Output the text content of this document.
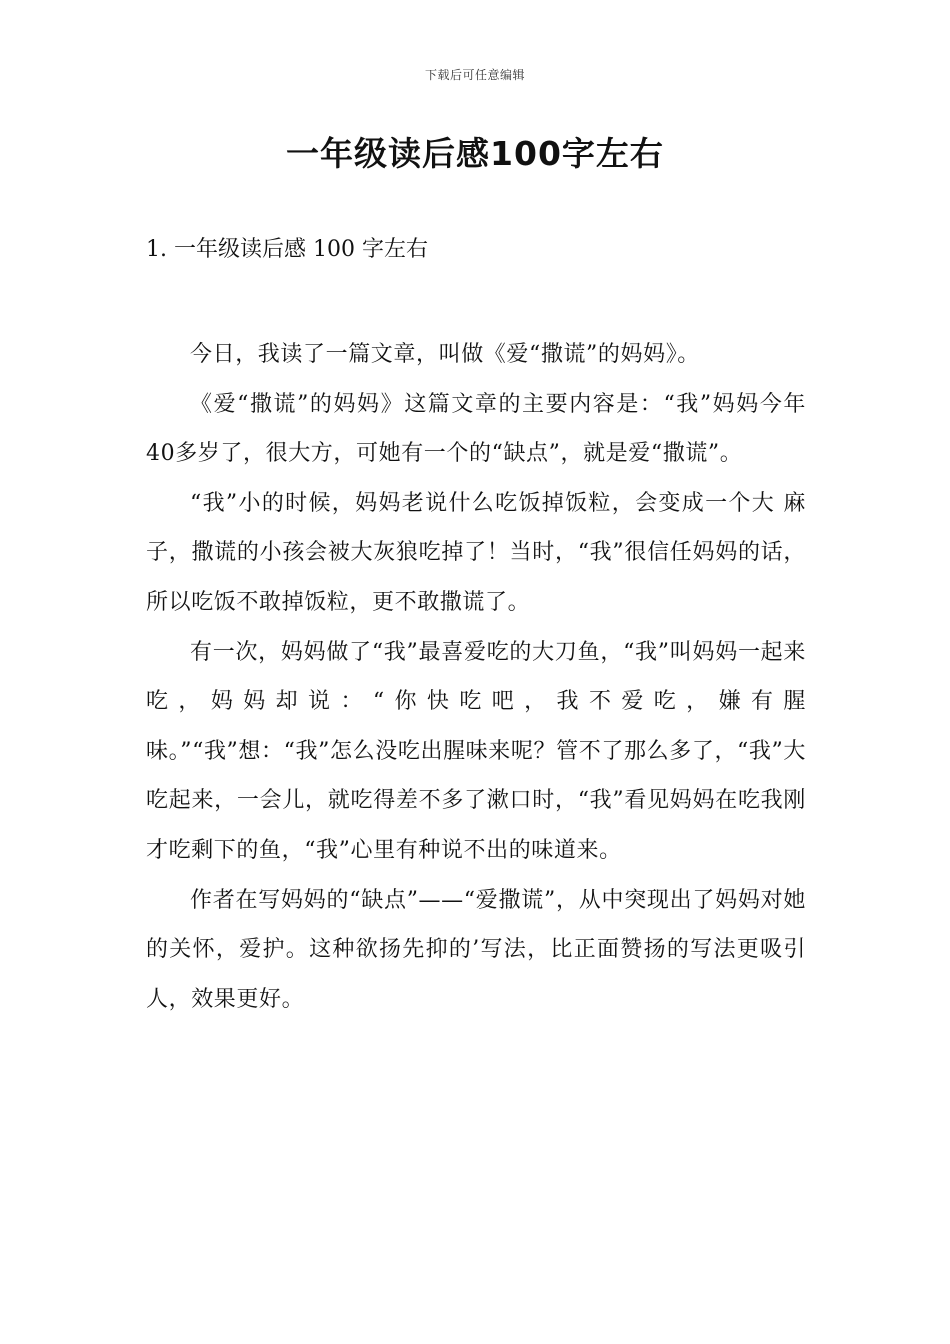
下载后可任意编辑
一年级读后感100字左右
1. 一年级读后感 100 字左右

今日，我读了一篇文章，叫做《爱“撒谎”的妈妈》。

《爱“撒谎”的妈妈》这篇文章的主要内容是：“我”妈妈今年40多岁了，很大方，可她有一个的“缺点”，就是爱“撒谎”。

“我”小的时候，妈妈老说什么吃饭掉饭粒，会变成一个大 麻子，撒谎的小孩会被大灰狼吃掉了！当时，“我”很信任妈妈的话，所以吃饭不敢掉饭粒，更不敢撒谎了。

有一次，妈妈做了“我”最喜爱吃的大刀鱼，“我”叫妈妈一起来吃，妈妈却说：“你快吃吧，我不爱吃，嫌有腥味。”“我”想：“我”怎么没吃出腥味来呢？管不了那么多了，“我”大吃起来，一会儿，就吃得差不多了漱口时，“我”看见妈妈在吃我刚才吃剩下的鱼，“我”心里有种说不出的味道来。

作者在写妈妈的“缺点”——“爱撒谎”，从中突现出了妈妈对她的关怀，爱护。这种欲扬先抑的’写法，比正面赞扬的写法更吸引人，效果更好。
